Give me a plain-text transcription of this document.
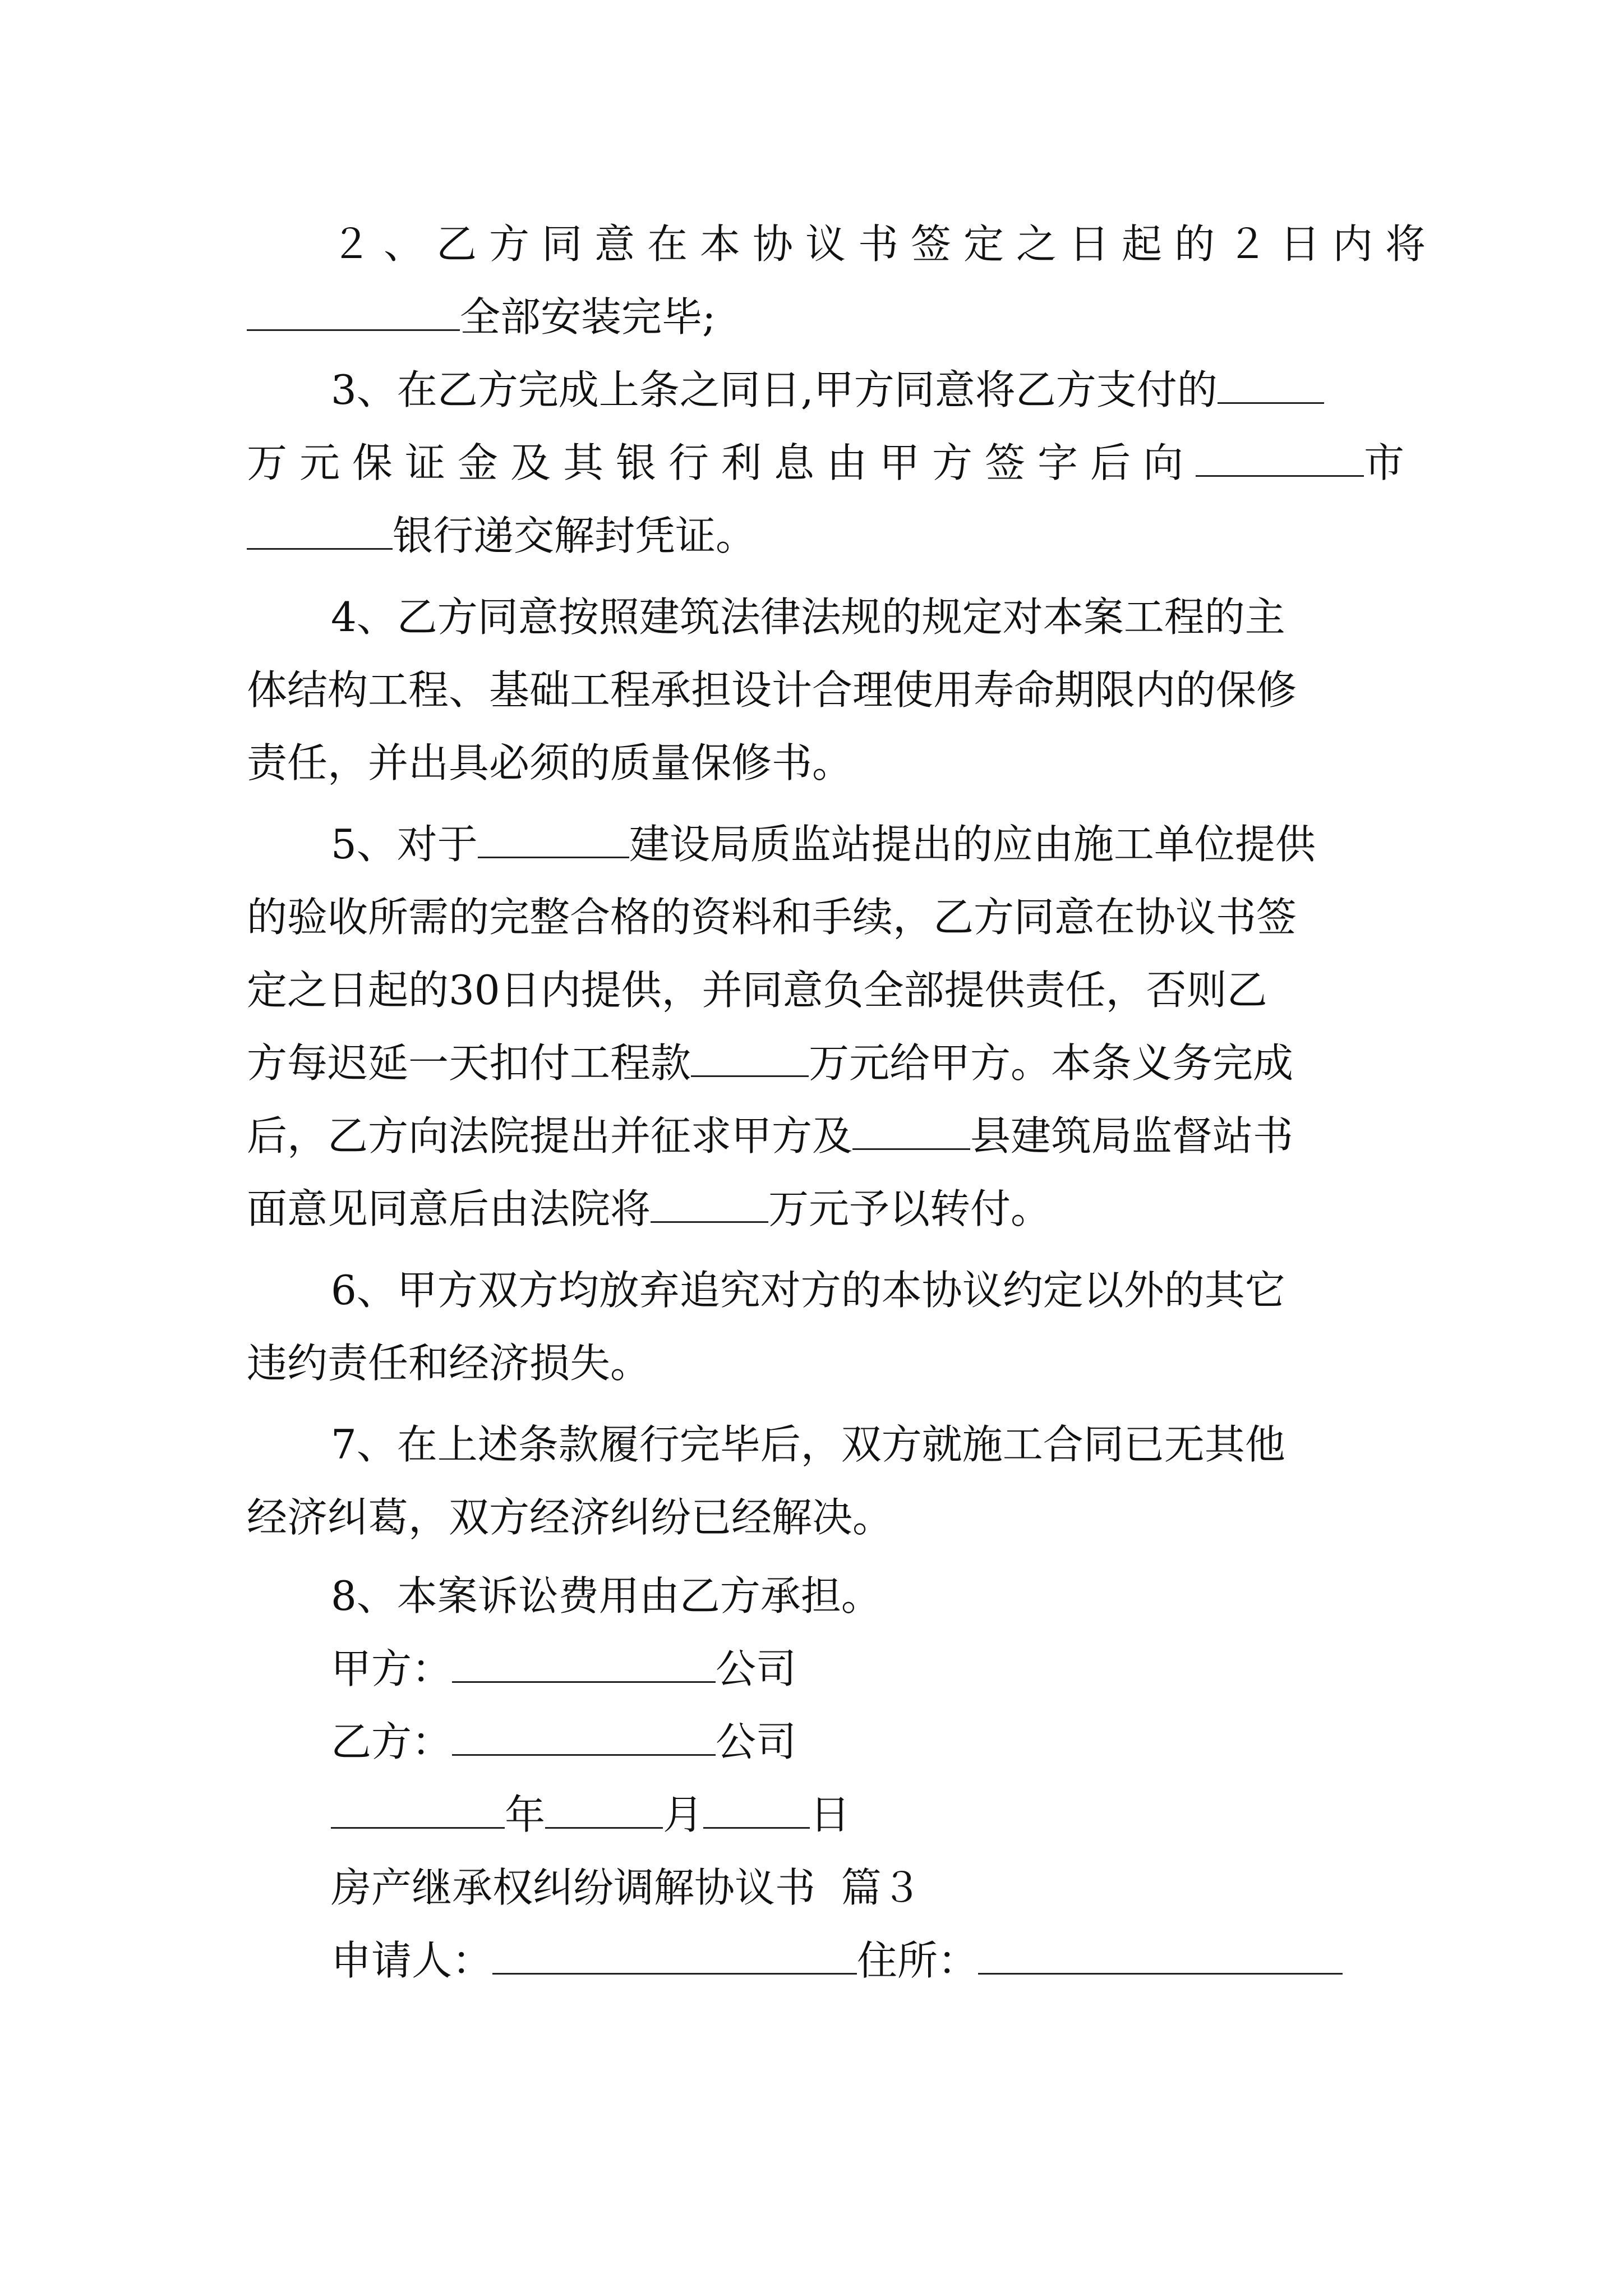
２、乙方同意在本协议书签定之日起的２日内将
全部安装完毕;
3、在乙方完成上条之同日,甲方同意将乙方支付的
万元保证金及其银行利息由甲方签字后向	市
银行递交解封凭证。
4、乙方同意按照建筑法律法规的规定对本案工程的主
体结构工程、基础工程承担设计合理使用寿命期限内的保修
责任，并出具必须的质量保修书。
5、对于	建设局质监站提出的应由施工单位提供
的验收所需的完整合格的资料和手续，乙方同意在协议书签
定之日起的30日内提供，并同意负全部提供责任，否则乙
方每迟延一天扣付工程款	万元给甲方。本条义务完成
后，乙方向法院提出并征求甲方及	县建筑局监督站书
面意见同意后由法院将	万元予以转付。
6、甲方双方均放弃追究对方的本协议约定以外的其它
违约责任和经济损失。
7、在上述条款履行完毕后，双方就施工合同已无其他
经济纠葛，双方经济纠纷已经解决。
8、本案诉讼费用由乙方承担。
甲方：	公司
乙方：	公司
年	月	日
房产继承权纠纷调解协议书  篇３
申请人：	住所：
